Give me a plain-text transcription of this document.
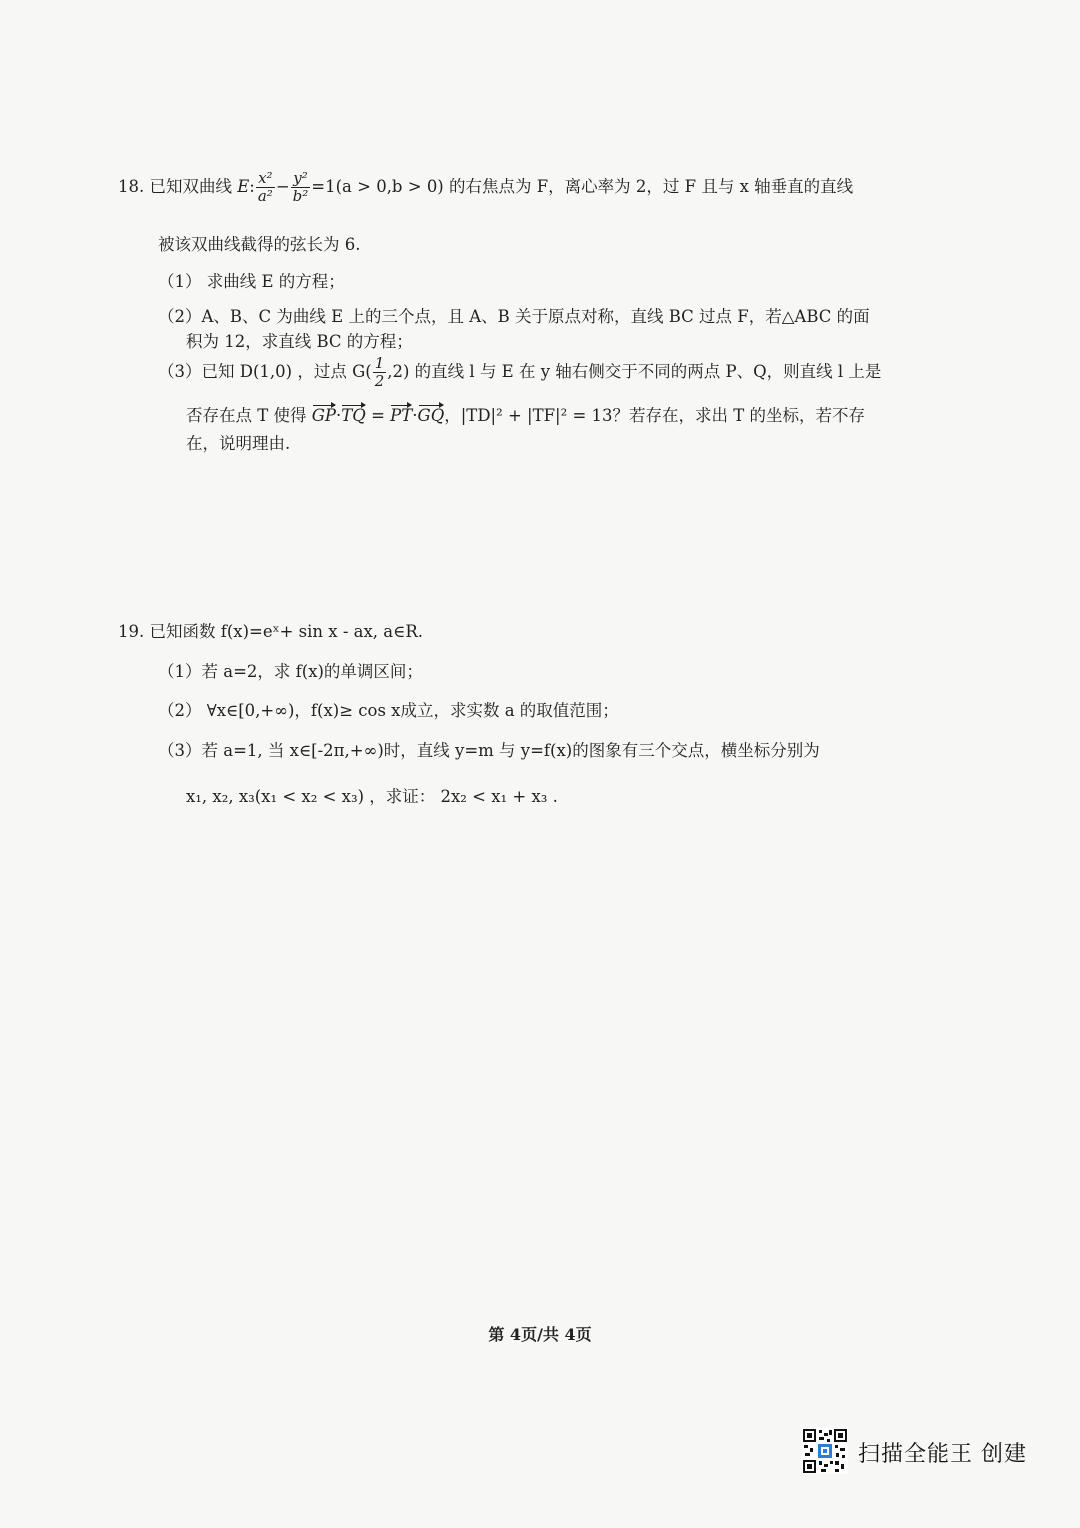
18. 已知双曲线 E: $\frac{\text{x²}}{\text{a²}} - \frac{\text{y²}}{\text{b²}} =1(a > 0,b > 0)$ 的右焦点为 F，离心率为 2，过 F 且与 x 轴垂直的直线
被该双曲线截得的弦长为 6.
（1） 求曲线 E 的方程；
（2）A、B、C 为曲线 E 上的三个点，且 A、B 关于原点对称，直线 BC 过点 F，若△ABC 的面
积为 12，求直线 BC 的方程；
（3）已知 D(1,0) ，过点 $G( \frac{1}{2} ,2)$ 的直线 l 与 E 在 y 轴右侧交于不同的两点 P、Q，则直线 l 上是
否存在点 T 使得 GP·TQ = PT·GQ，|TD|² + |TF|² = 13？若存在，求出 T 的坐标，若不存
在，说明理由.
19. 已知函数 f(x)=eˣ+ sin x - ax, a∈R.
（1）若 a=2，求 f(x)的单调区间；
（2） ∀x∈[0,+∞)，f(x)≥ cos x成立，求实数 a 的取值范围；
（3）若 a=1, 当 x∈[-2π,+∞)时，直线 y=m 与 y=f(x)的图象有三个交点，横坐标分别为
x₁, x₂, x₃(x₁ < x₂ < x₃) ，求证： 2x₂ < x₁ + x₃ .
第 4页/共 4页
扫描全能王 创建
